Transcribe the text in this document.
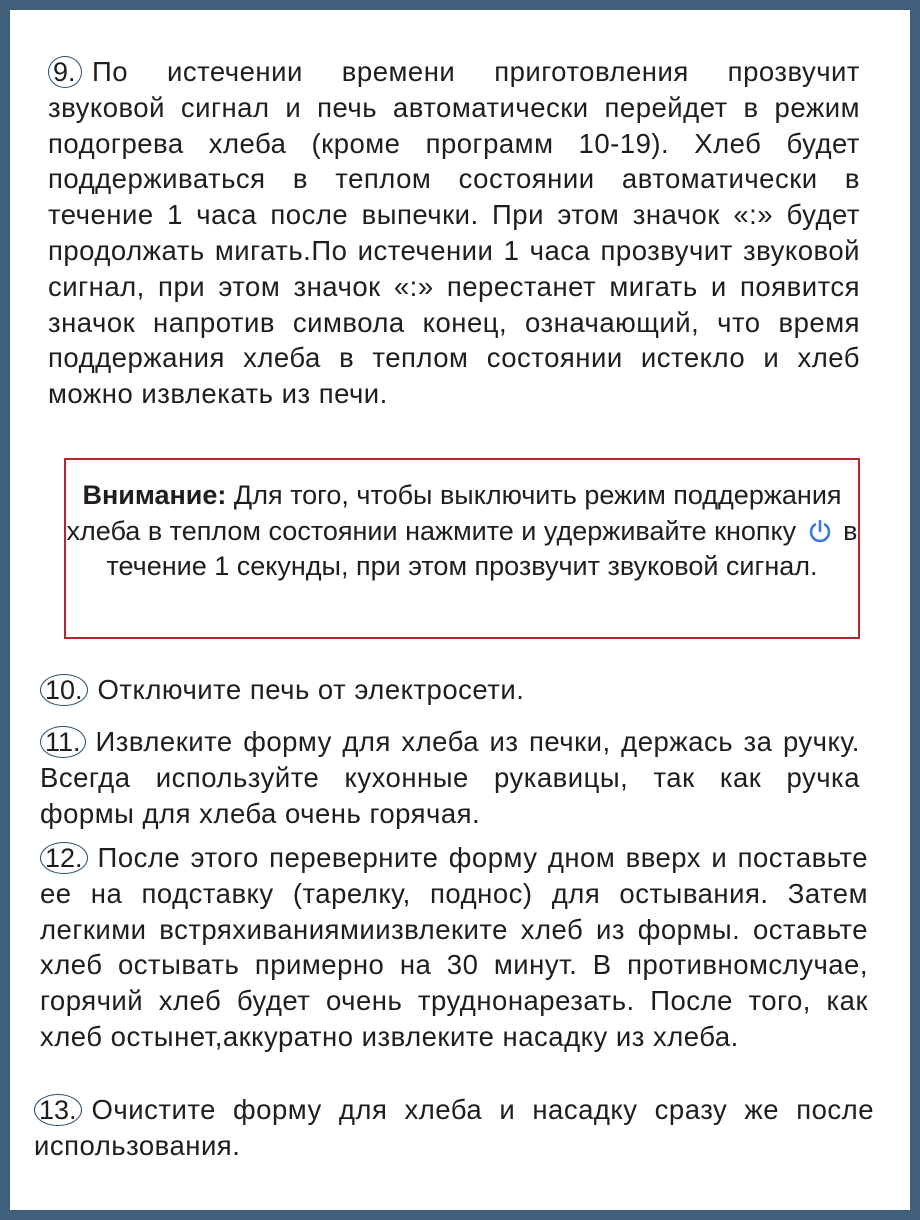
9. По истечении времени приготовления прозвучит звуковой сигнал и печь автоматически перейдет в режим подогрева хлеба (кроме программ 10-19). Хлеб будет поддерживаться в теплом состоянии автоматически в течение 1 часа после выпечки. При этом значок «:» будет продолжать мигать.По истечении 1 часа прозвучит звуковой сигнал, при этом значок «:» перестанет мигать и появится значок напротив символа конец, означающий, что время поддержания хлеба в теплом состоянии истекло и хлеб можно извлекать из печи.
Внимание: Для того, чтобы выключить режим поддержания хлеба в теплом состоянии нажмите и удерживайте кнопку в течение 1 секунды, при этом прозвучит звуковой сигнал.
10. Отключите печь от электросети.
11. Извлеките форму для хлеба из печки, держась за ручку. Всегда используйте кухонные рукавицы, так как ручка формы для хлеба очень горячая.
12. После этого переверните форму дном вверх и поставьте ее на подставку (тарелку, поднос) для остывания. Затем легкими встряхиваниямиизвлеките хлеб из формы. оставьте хлеб остывать примерно на 30 минут. В противномслучае, горячий хлеб будет очень труднонарезать. После того, как хлеб остынет,аккуратно извлеките насадку из хлеба.
13. Очистите форму для хлеба и насадку сразу же после использования.
